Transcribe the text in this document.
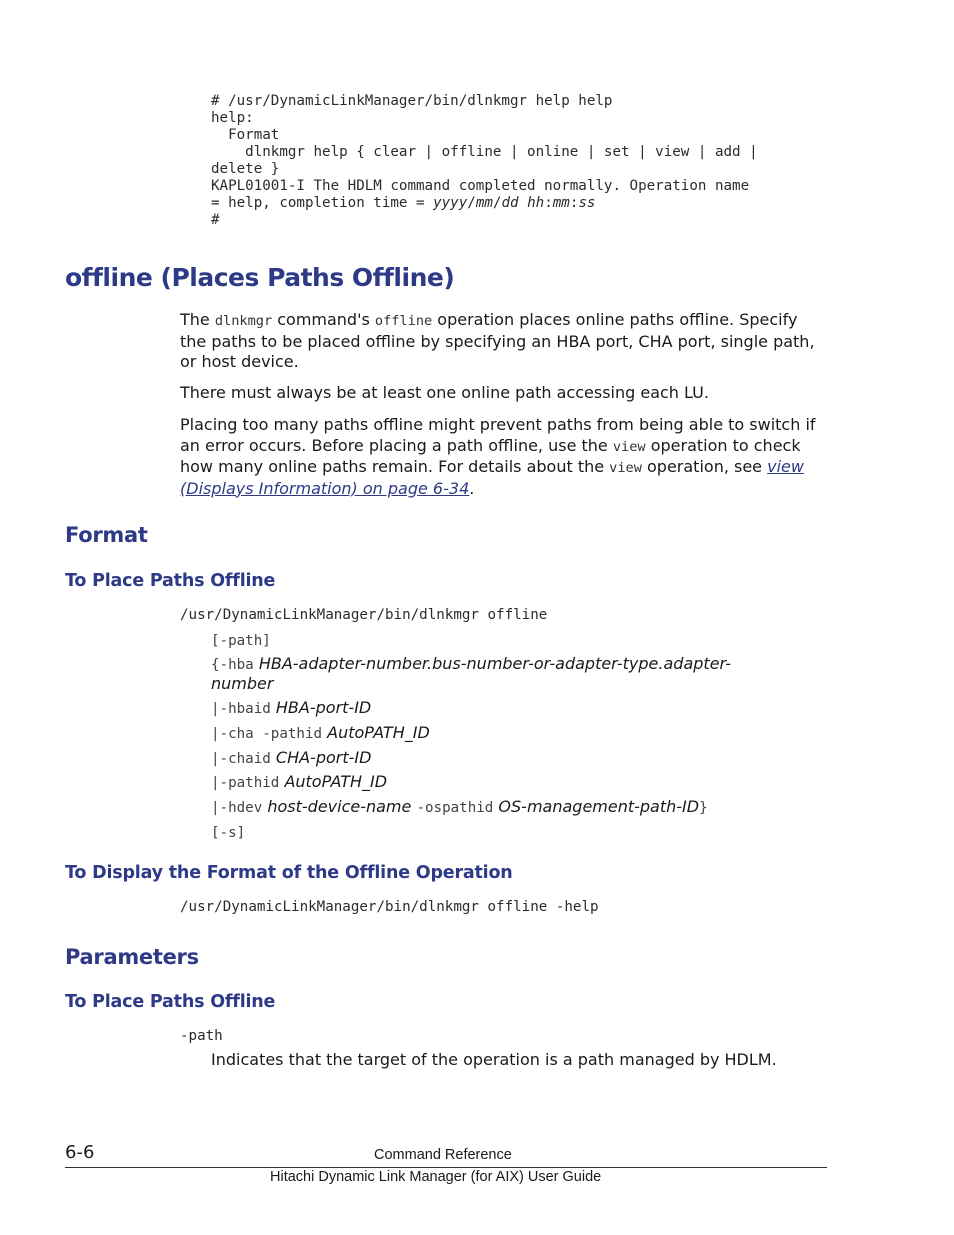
# /usr/DynamicLinkManager/bin/dlnkmgr help help
help:
Format
dlnkmgr help { clear | offline | online | set | view | add |
delete }
KAPL01001-I The HDLM command completed normally. Operation name
= help, completion time = yyyy/mm/dd hh:mm:ss
#
offline (Places Paths Offline)

The dlnkmgr command's offline operation places online paths offline. Specify the paths to be placed offline by specifying an HBA port, CHA port, single path, or host device.

There must always be at least one online path accessing each LU.

Placing too many paths offline might prevent paths from being able to switch if an error occurs. Before placing a path offline, use the view operation to check how many online paths remain. For details about the view operation, see view (Displays Information) on page 6-34.

Format
To Place Paths Offline
/usr/DynamicLinkManager/bin/dlnkmgr offline
[-path]
{-hba HBA-adapter-number.bus-number-or-adapter-type.adapter-
number
|-hbaid HBA-port-ID
|-cha -pathid AutoPATH_ID
|-chaid CHA-port-ID
|-pathid AutoPATH_ID
|-hdev host-device-name -ospathid OS-management-path-ID}
[-s]
To Display the Format of the Offline Operation
/usr/DynamicLinkManager/bin/dlnkmgr offline -help
Parameters
To Place Paths Offline
-path
Indicates that the target of the operation is a path managed by HDLM.
6-6	Command Reference
Hitachi Dynamic Link Manager (for AIX) User Guide
